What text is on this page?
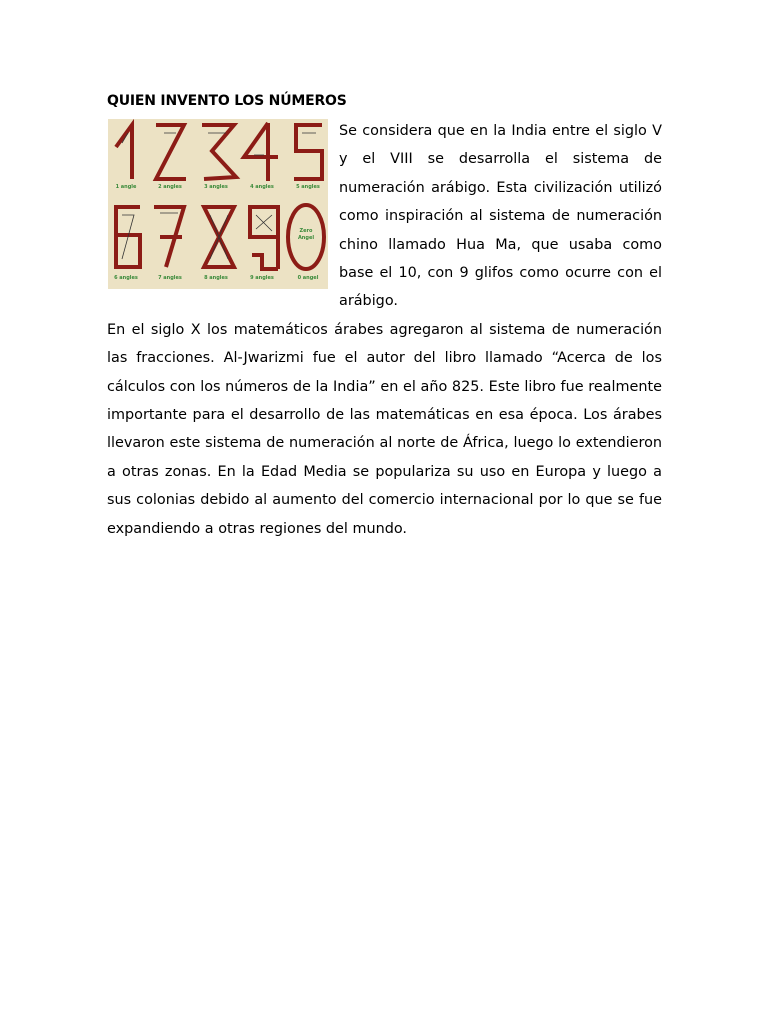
QUIEN INVENTO LOS NÚMEROS
1 angle	2 angles	3 angles	4 angles	5 angles
6 angles	7 angles	8 angles	9 angles	0 angel
Zero
Angel

Se considera que en la India entre el siglo V y el VIII se desarrolla el sistema de numeración arábigo. Esta civilización utilizó como inspiración al sistema de numeración chino llamado Hua Ma, que usaba como base el 10, con 9 glifos como ocurre con el arábigo.

En el siglo X los matemáticos árabes agregaron al sistema de numeración las fracciones. Al-Jwarizmi fue el autor del libro llamado “Acerca de los cálculos con los números de la India” en el año 825. Este libro fue realmente importante para el desarrollo de las matemáticas en esa época. Los árabes llevaron este sistema de numeración al norte de África, luego lo extendieron a otras zonas. En la Edad Media se populariza su uso en Europa y luego a sus colonias debido al aumento del comercio internacional por lo que se fue expandiendo a otras regiones del mundo.
